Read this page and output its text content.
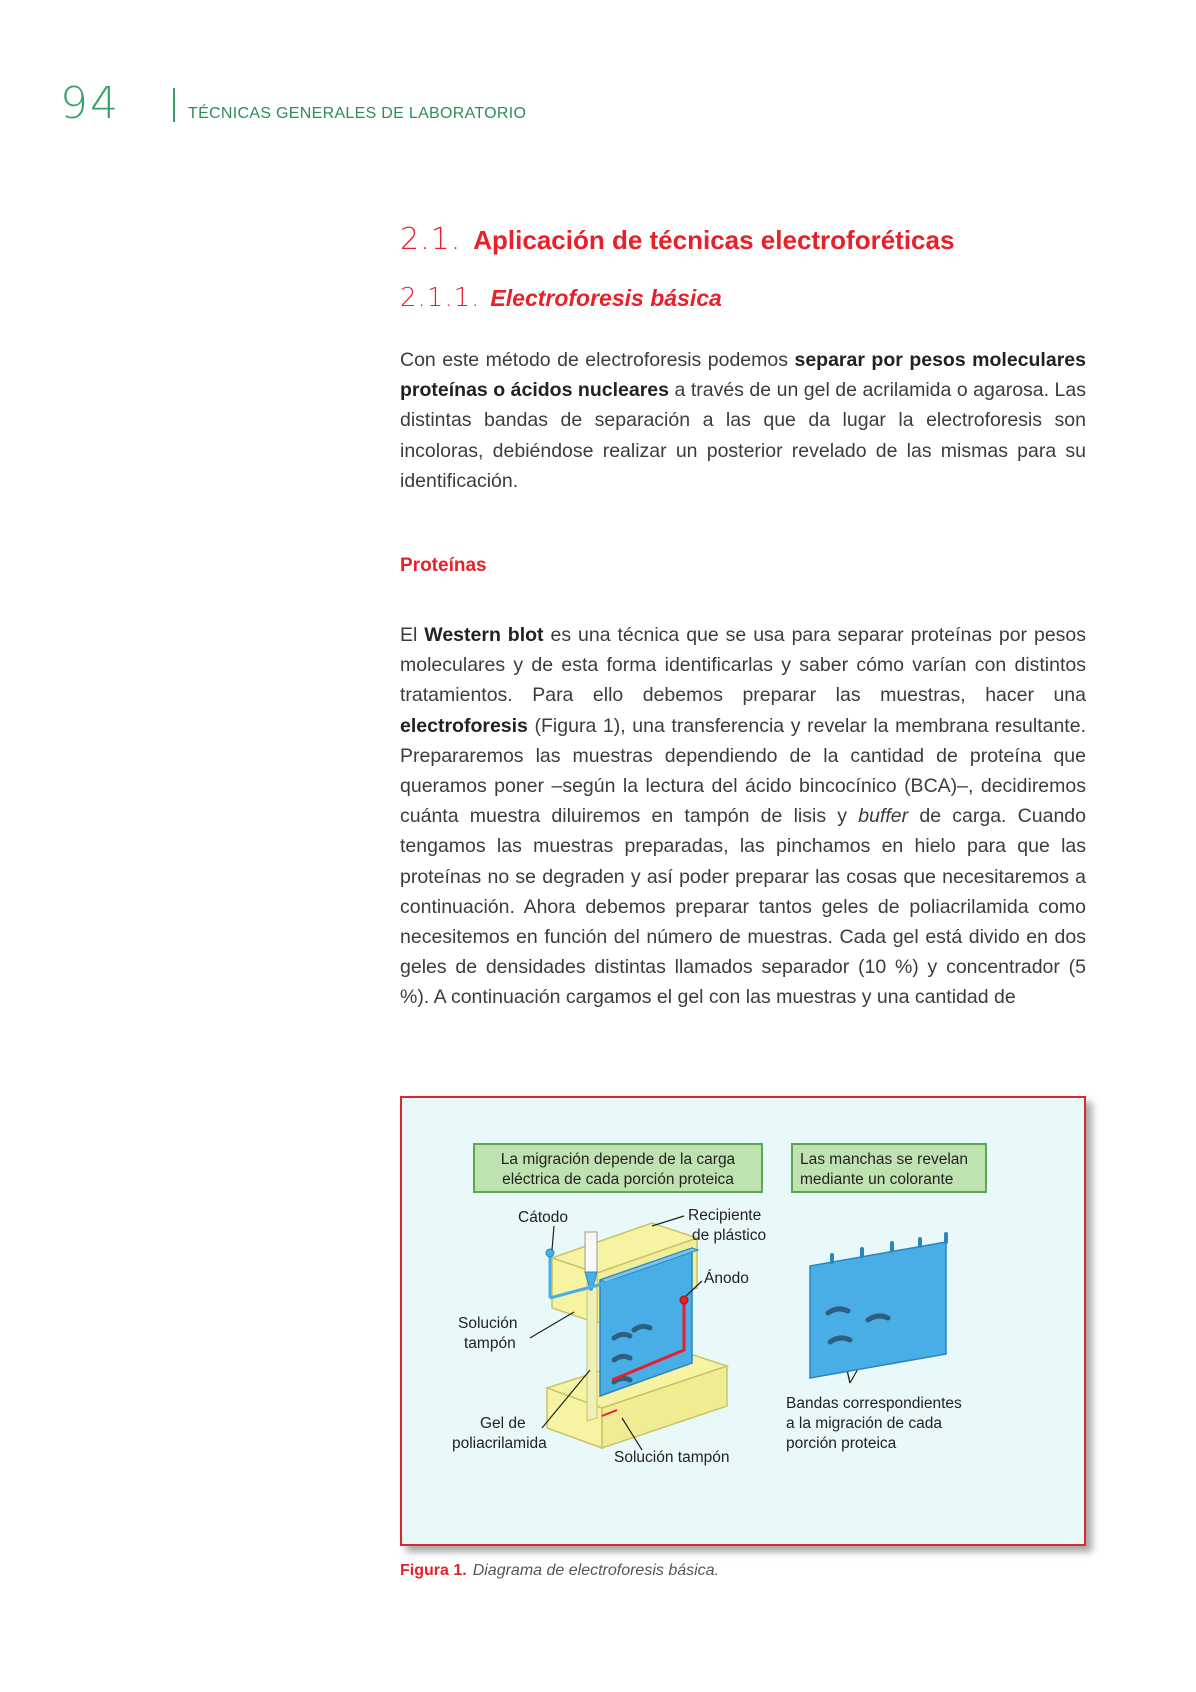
94	TÉCNICAS GENERALES DE LABORATORIO
2.1. Aplicación de técnicas electroforéticas
2.1.1. Electroforesis básica
Con este método de electroforesis podemos separar por pesos moleculares proteínas o ácidos nucleares a través de un gel de acrilamida o agarosa. Las distintas bandas de separación a las que da lugar la electroforesis son incoloras, debiéndose realizar un posterior revelado de las mismas para su identificación.
Proteínas
El Western blot es una técnica que se usa para separar proteínas por pesos moleculares y de esta forma identificarlas y saber cómo varían con distintos tratamientos. Para ello debemos preparar las muestras, hacer una electroforesis (Figura 1), una transferencia y revelar la membrana resultante. Prepararemos las muestras dependiendo de la cantidad de proteína que queramos poner –según la lectura del ácido bincocínico (BCA)–, decidiremos cuánta muestra diluiremos en tampón de lisis y buffer de carga. Cuando tengamos las muestras preparadas, las pinchamos en hielo para que las proteínas no se degraden y así poder preparar las cosas que necesitaremos a continuación. Ahora debemos preparar tantos geles de poliacrilamida como necesitemos en función del número de muestras. Cada gel está divido en dos geles de densidades distintas llamados separador (10 %) y concentrador (5 %). A continuación cargamos el gel con las muestras y una cantidad de
La migración depende de la carga
eléctrica de cada porción proteica
Las manchas se revelan
mediante un colorante
Cátodo	Recipiente
de plástico
Ánodo
Solución
tampón
Gel de
poliacrilamida
Solución tampón
Bandas correspondientes
a la migración de cada
porción proteica
Figura 1. Diagrama de electroforesis básica.
